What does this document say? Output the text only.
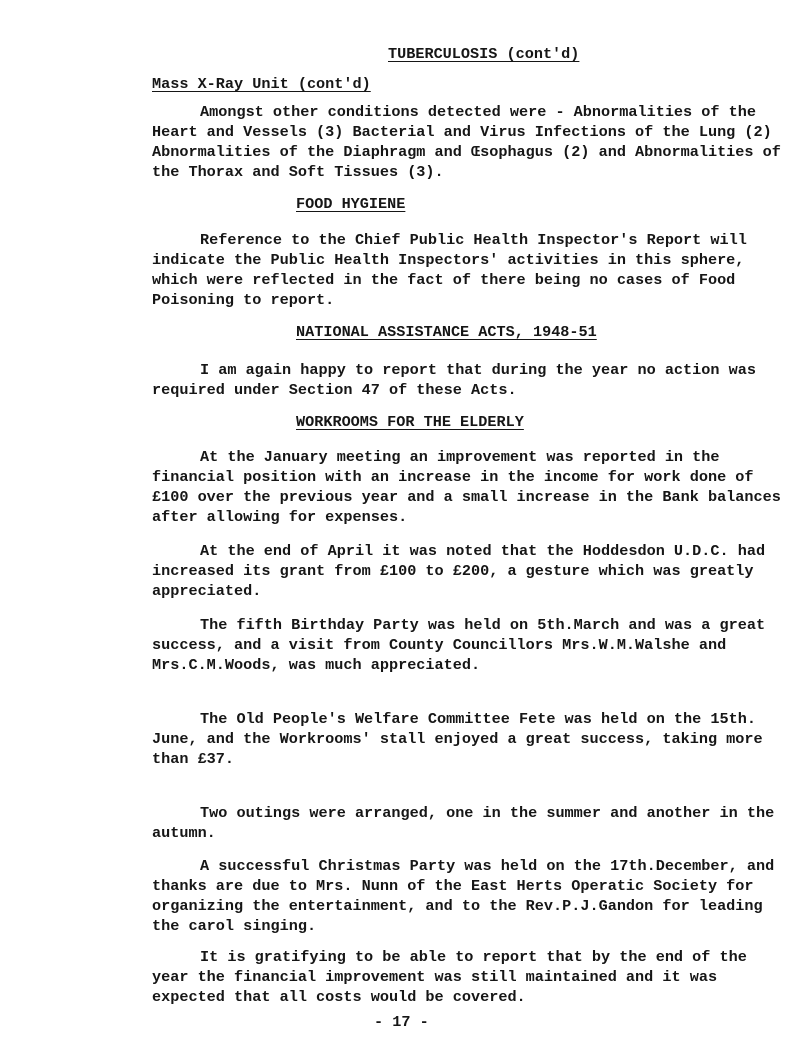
TUBERCULOSIS (cont'd)

Mass X-Ray Unit (cont'd)

Amongst other conditions detected were - Abnormalities of the Heart and Vessels (3) Bacterial and Virus Infections of the Lung (2) Abnormalities of the Diaphragm and Œsophagus (2) and Abnormalities of the Thorax and Soft Tissues (3).

FOOD HYGIENE

Reference to the Chief Public Health Inspector's Report will indicate the Public Health Inspectors' activities in this sphere, which were reflected in the fact of there being no cases of Food Poisoning to report.

NATIONAL ASSISTANCE ACTS, 1948-51

I am again happy to report that during the year no action was required under Section 47 of these Acts.

WORKROOMS FOR THE ELDERLY

At the January meeting an improvement was reported in the financial position with an increase in the income for work done of £100 over the previous year and a small increase in the Bank balances after allowing for expenses.

At the end of April it was noted that the Hoddesdon U.D.C. had increased its grant from £100 to £200, a gesture which was greatly appreciated.

The fifth Birthday Party was held on 5th.March and was a great success, and a visit from County Councillors Mrs.W.M.Walshe and Mrs.C.M.Woods, was much appreciated.

The Old People's Welfare Committee Fete was held on the 15th. June, and the Workrooms' stall enjoyed a great success, taking more than £37.

Two outings were arranged, one in the summer and another in the autumn.

A successful Christmas Party was held on the 17th.December, and thanks are due to Mrs. Nunn of the East Herts Operatic Society for organizing the entertainment, and to the Rev.P.J.Gandon for leading the carol singing.

It is gratifying to be able to report that by the end of the year the financial improvement was still maintained and it was expected that all costs would be covered.

- 17 -
